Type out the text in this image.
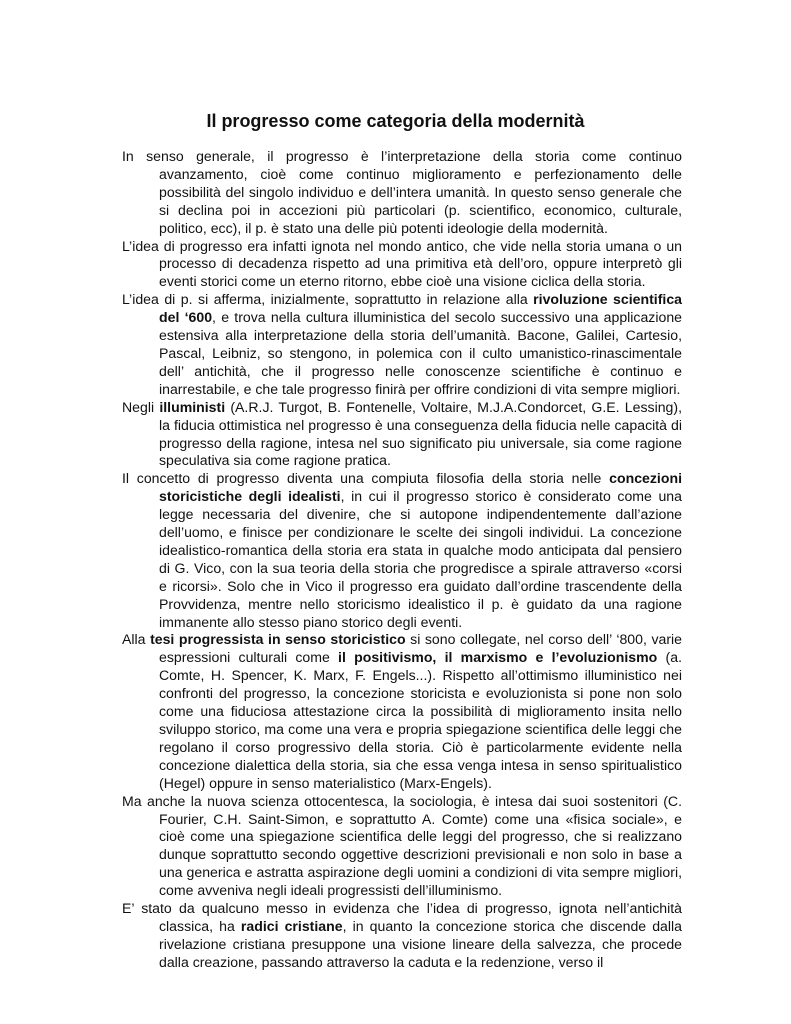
Il progresso come categoria della modernità

In senso generale, il progresso è l’interpretazione della storia come continuo avanzamento, cioè come continuo miglioramento e perfezionamento delle possibilità del singolo individuo e dell’intera umanità. In questo senso generale che si declina poi in accezioni più particolari (p. scientifico, economico, culturale, politico, ecc), il p. è stato una delle più potenti ideologie della modernità.

L’idea di progresso era infatti ignota nel mondo antico, che vide nella storia umana o un processo di decadenza rispetto ad una primitiva età dell’oro, oppure interpretò gli eventi storici come un eterno ritorno, ebbe cioè una visione ciclica della storia.

L’idea di p. si afferma, inizialmente, soprattutto in relazione alla rivoluzione scientifica del ‘600, e trova nella cultura illuministica del secolo successivo una applicazione estensiva alla interpretazione della storia dell’umanità. Bacone, Galilei, Cartesio, Pascal, Leibniz, so stengono, in polemica con il culto umanistico-rinascimentale dell’ antichità, che il progresso nelle conoscenze scientifiche è continuo e inarrestabile, e che tale progresso finirà per offrire condizioni di vita sempre migliori.

Negli illuministi (A.R.J. Turgot, B. Fontenelle, Voltaire, M.J.A.Condorcet, G.E. Lessing), la fiducia ottimistica nel progresso è una conseguenza della fiducia nelle capacità di progresso della ragione, intesa nel suo significato piu universale, sia come ragione speculativa sia come ragione pratica.

Il concetto di progresso diventa una compiuta filosofia della storia nelle concezioni storicistiche degli idealisti, in cui il progresso storico è considerato come una legge necessaria del divenire, che si autopone indipendentemente dall’azione dell’uomo, e finisce per condizionare le scelte dei singoli individui. La concezione idealistico-romantica della storia era stata in qualche modo anticipata dal pensiero di G. Vico, con la sua teoria della storia che progredisce a spirale attraverso «corsi e ricorsi». Solo che in Vico il progresso era guidato dall’ordine trascendente della Provvidenza, mentre nello storicismo idealistico il p. è guidato da una ragione immanente allo stesso piano storico degli eventi.

Alla tesi progressista in senso storicistico si sono collegate, nel corso dell’ ‘800, varie espressioni culturali come il positivismo, il marxismo e l’evoluzionismo (a. Comte, H. Spencer, K. Marx, F. Engels...). Rispetto all’ottimismo illuministico nei confronti del progresso, la concezione storicista e evoluzionista si pone non solo come una fiduciosa attestazione circa la possibilità di miglioramento insita nello sviluppo storico, ma come una vera e propria spiegazione scientifica delle leggi che regolano il corso progressivo della storia. Ciò è particolarmente evidente nella concezione dialettica della storia, sia che essa venga intesa in senso spiritualistico (Hegel) oppure in senso materialistico (Marx-Engels).

Ma anche la nuova scienza ottocentesca, la sociologia, è intesa dai suoi sostenitori (C. Fourier, C.H. Saint-Simon, e soprattutto A. Comte) come una «fisica sociale», e cioè come una spiegazione scientifica delle leggi del progresso, che si realizzano dunque soprattutto secondo oggettive descrizioni previsionali e non solo in base a una generica e astratta aspirazione degli uomini a condizioni di vita sempre migliori, come avveniva negli ideali progressisti dell’illuminismo.

E’ stato da qualcuno messo in evidenza che l’idea di progresso, ignota nell’antichità classica, ha radici cristiane, in quanto la concezione storica che discende dalla rivelazione cristiana presuppone una visione lineare della salvezza, che procede dalla creazione, passando attraverso la caduta e la redenzione, verso il
